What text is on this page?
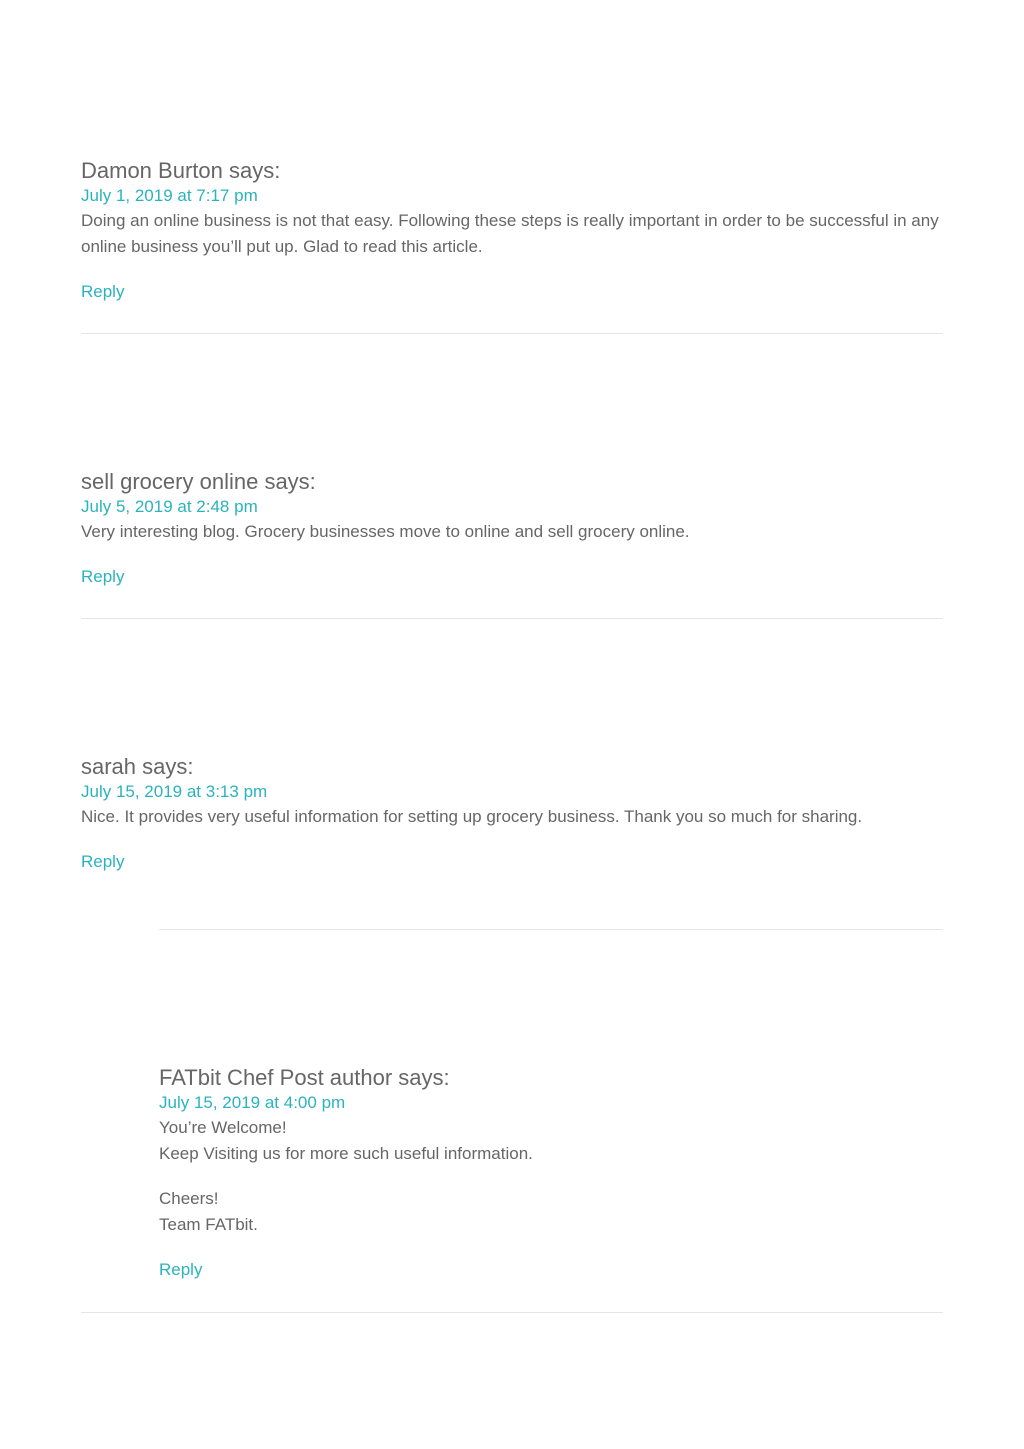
Damon Burton says:
July 1, 2019 at 7:17 pm

Doing an online business is not that easy. Following these steps is really important in order to be successful in any online business you’ll put up. Glad to read this article.

Reply
sell grocery online says:
July 5, 2019 at 2:48 pm

Very interesting blog. Grocery businesses move to online and sell grocery online.

Reply
sarah says:
July 15, 2019 at 3:13 pm

Nice. It provides very useful information for setting up grocery business. Thank you so much for sharing.

Reply
FATbit Chef Post author says:
July 15, 2019 at 4:00 pm

You’re Welcome!
Keep Visiting us for more such useful information.

Cheers!
Team FATbit.

Reply
